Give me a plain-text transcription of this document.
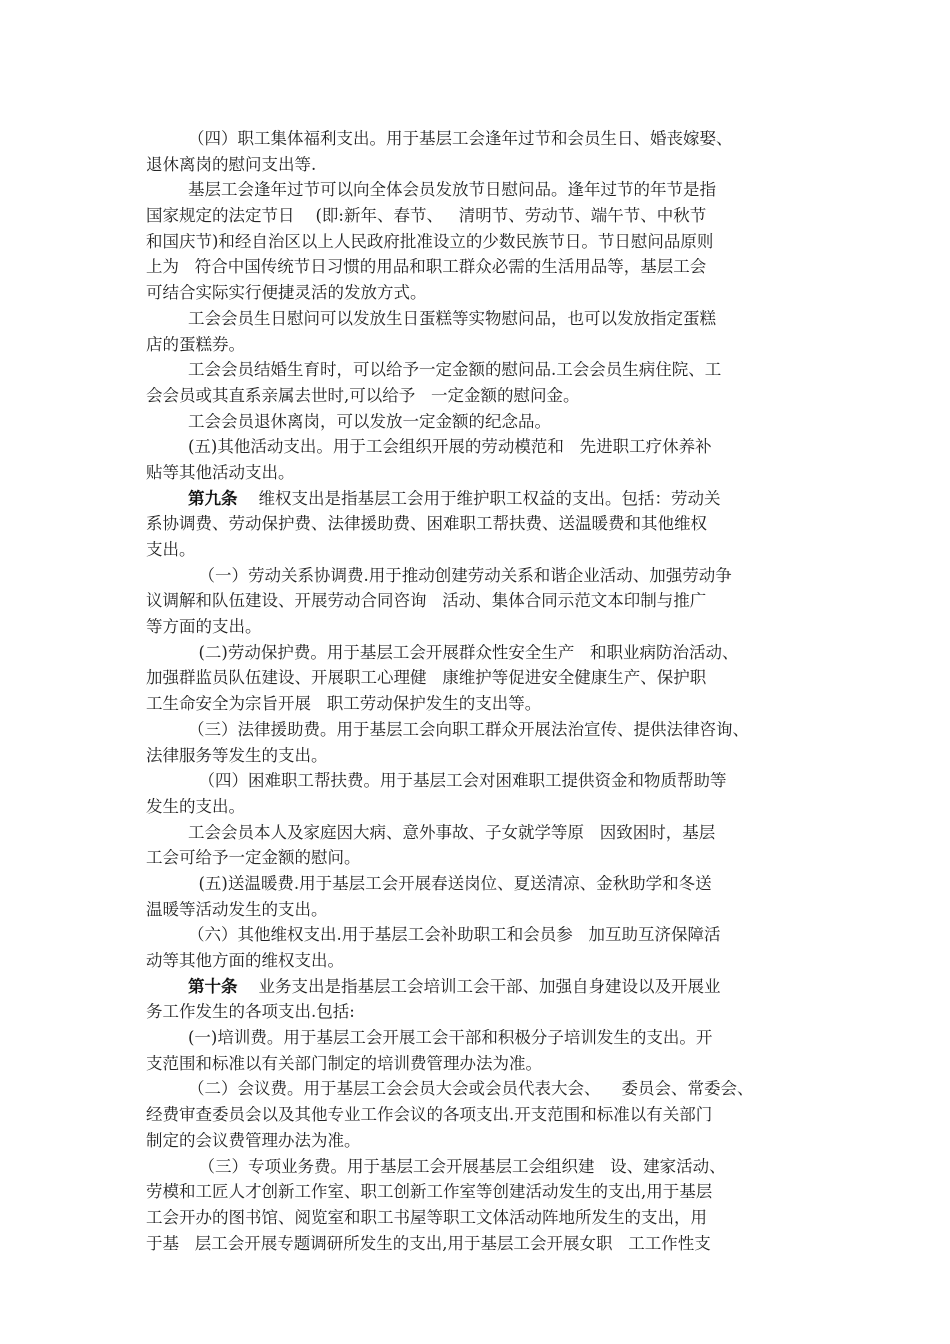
（四）职工集体福利支出。用于基层工会逢年过节和会员生日、婚丧嫁娶、
退休离岗的慰问支出等.
基层工会逢年过节可以向全体会员发放节日慰问品。逢年过节的年节是指
国家规定的法定节日    (即:新年、春节、   清明节、劳动节、端午节、中秋节
和国庆节)和经自治区以上人民政府批准设立的少数民族节日。节日慰问品原则
上为   符合中国传统节日习惯的用品和职工群众必需的生活用品等，基层工会
可结合实际实行便捷灵活的发放方式。
工会会员生日慰问可以发放生日蛋糕等实物慰问品，也可以发放指定蛋糕
店的蛋糕券。
工会会员结婚生育时，可以给予一定金额的慰问品.工会会员生病住院、工
会会员或其直系亲属去世时,可以给予   一定金额的慰问金。
工会会员退休离岗，可以发放一定金额的纪念品。
(五)其他活动支出。用于工会组织开展的劳动模范和   先进职工疗休养补
贴等其他活动支出。
第九条    维权支出是指基层工会用于维护职工权益的支出。包括：劳动关
系协调费、劳动保护费、法律援助费、困难职工帮扶费、送温暖费和其他维权
支出。
（一）劳动关系协调费.用于推动创建劳动关系和谐企业活动、加强劳动争
议调解和队伍建设、开展劳动合同咨询   活动、集体合同示范文本印制与推广
等方面的支出。
(二)劳动保护费。用于基层工会开展群众性安全生产   和职业病防治活动、
加强群监员队伍建设、开展职工心理健   康维护等促进安全健康生产、保护职
工生命安全为宗旨开展   职工劳动保护发生的支出等。
（三）法律援助费。用于基层工会向职工群众开展法治宣传、提供法律咨询、
法律服务等发生的支出。
（四）困难职工帮扶费。用于基层工会对困难职工提供资金和物质帮助等
发生的支出。
工会会员本人及家庭因大病、意外事故、子女就学等原   因致困时，基层
工会可给予一定金额的慰问。
(五)送温暖费.用于基层工会开展春送岗位、夏送清凉、金秋助学和冬送
温暖等活动发生的支出。
（六）其他维权支出.用于基层工会补助职工和会员参   加互助互济保障活
动等其他方面的维权支出。
第十条    业务支出是指基层工会培训工会干部、加强自身建设以及开展业
务工作发生的各项支出.包括:
(一)培训费。用于基层工会开展工会干部和积极分子培训发生的支出。开
支范围和标准以有关部门制定的培训费管理办法为准。
（二）会议费。用于基层工会会员大会或会员代表大会、    委员会、常委会、
经费审查委员会以及其他专业工作会议的各项支出.开支范围和标准以有关部门
制定的会议费管理办法为准。
（三）专项业务费。用于基层工会开展基层工会组织建   设、建家活动、
劳模和工匠人才创新工作室、职工创新工作室等创建活动发生的支出,用于基层
工会开办的图书馆、阅览室和职工书屋等职工文体活动阵地所发生的支出，用
于基   层工会开展专题调研所发生的支出,用于基层工会开展女职   工工作性支
